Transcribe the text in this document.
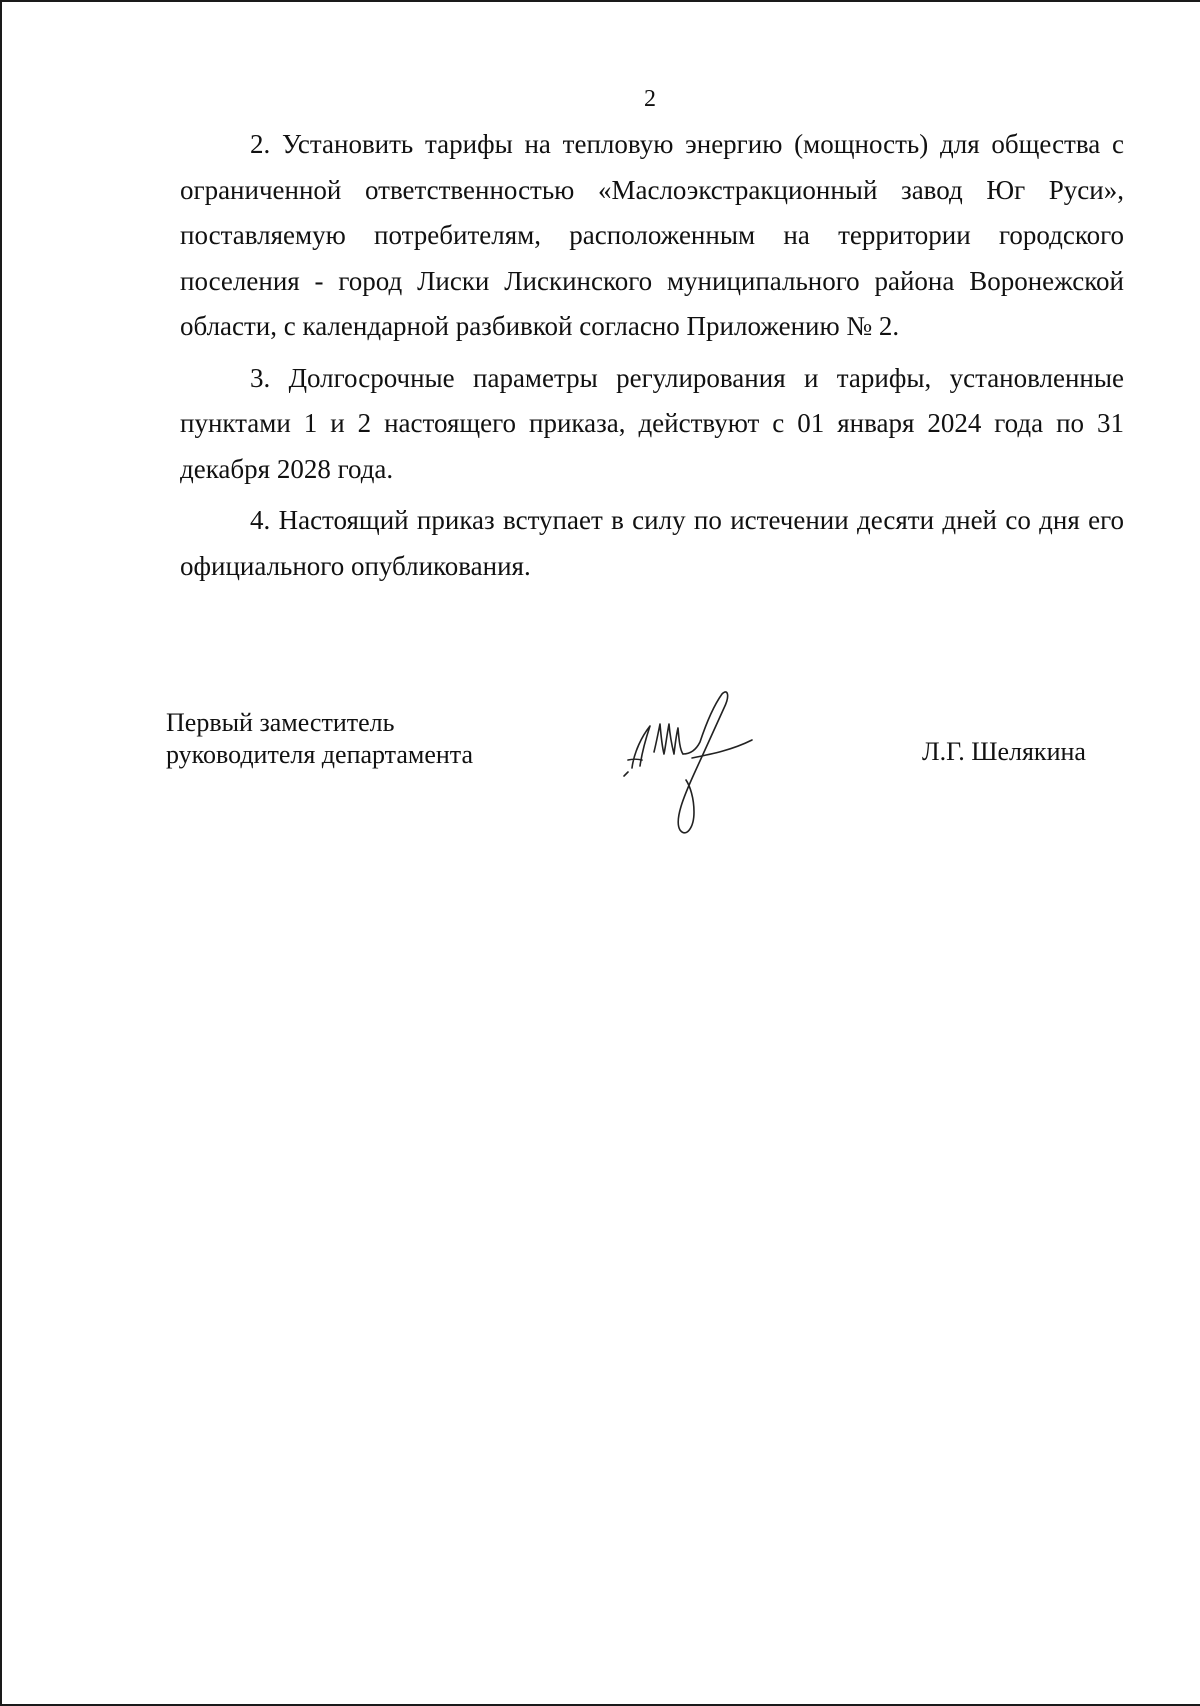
2

2. Установить тарифы на тепловую энергию (мощность) для общества с ограниченной ответственностью «Маслоэкстракционный завод Юг Руси», поставляемую потребителям, расположенным на территории городского поселения - город Лиски Лискинского муниципального района Воронежской области, с календарной разбивкой согласно Приложению № 2.

3. Долгосрочные параметры регулирования и тарифы, установленные пунктами 1 и 2 настоящего приказа, действуют с 01 января 2024 года по 31 декабря 2028 года.

4. Настоящий приказ вступает в силу по истечении десяти дней со дня его официального опубликования.

Первый заместитель
руководителя департамента	Л.Г. Шелякина
